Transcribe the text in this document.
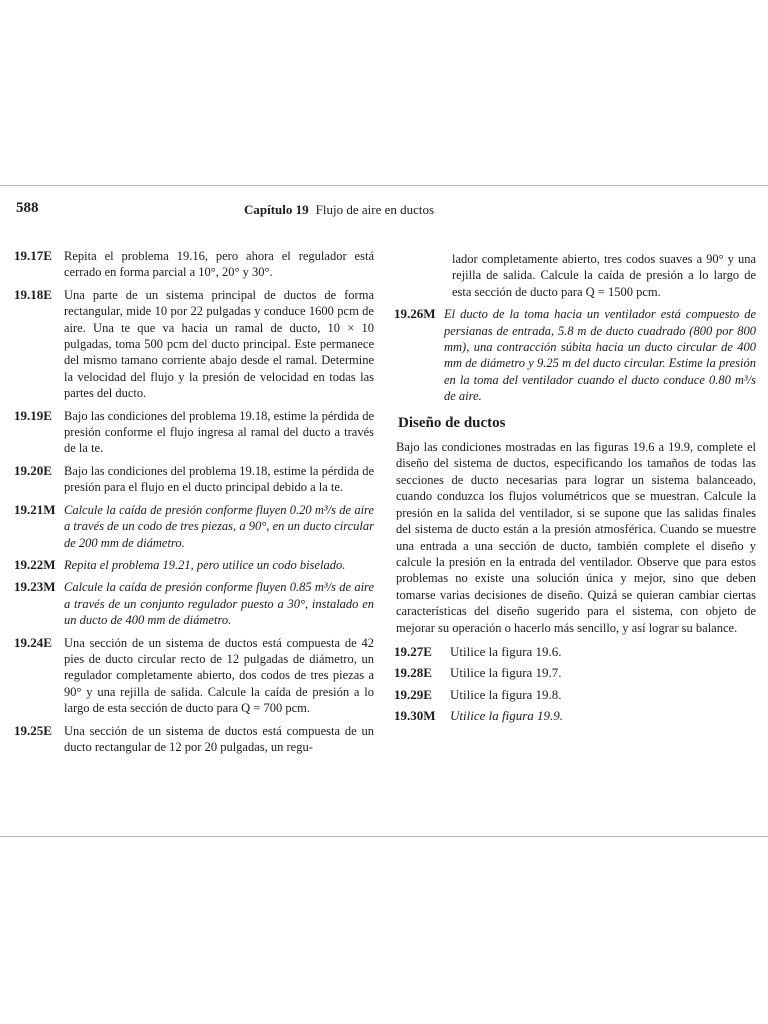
588	Capítulo 19 Flujo de aire en ductos
19.17E Repita el problema 19.16, pero ahora el regulador está cerrado en forma parcial a 10°, 20° y 30°.
19.18E Una parte de un sistema principal de ductos de forma rectangular, mide 10 por 22 pulgadas y conduce 1600 pcm de aire. Una te que va hacia un ramal de ducto, 10 × 10 pulgadas, toma 500 pcm del ducto principal. Este permanece del mismo tamano corriente abajo desde el ramal. Determine la velocidad del flujo y la presión de velocidad en todas las partes del ducto.
19.19E Bajo las condiciones del problema 19.18, estime la pérdida de presión conforme el flujo ingresa al ramal del ducto a través de la te.
19.20E Bajo las condiciones del problema 19.18, estime la pérdida de presión para el flujo en el ducto principal debido a la te.
19.21M Calcule la caída de presión conforme fluyen 0.20 m³/s de aire a través de un codo de tres piezas, a 90°, en un ducto circular de 200 mm de diámetro.
19.22M Repita el problema 19.21, pero utilice un codo biselado.
19.23M Calcule la caída de presión conforme fluyen 0.85 m³/s de aire a través de un conjunto regulador puesto a 30°, instalado en un ducto de 400 mm de diámetro.
19.24E Una sección de un sistema de ductos está compuesta de 42 pies de ducto circular recto de 12 pulgadas de diámetro, un regulador completamente abierto, dos codos de tres piezas a 90° y una rejilla de salida. Calcule la caída de presión a lo largo de esta sección de ducto para Q = 700 pcm.
19.25E Una sección de un sistema de ductos está compuesta de un ducto rectangular de 12 por 20 pulgadas, un regu-
lador completamente abierto, tres codos suaves a 90° y una rejilla de salida. Calcule la caída de presión a lo largo de esta sección de ducto para Q = 1500 pcm.
19.26M El ducto de la toma hacia un ventilador está compuesto de persianas de entrada, 5.8 m de ducto cuadrado (800 por 800 mm), una contracción súbita hacia un ducto circular de 400 mm de diámetro y 9.25 m del ducto circular. Estime la presión en la toma del ventilador cuando el ducto conduce 0.80 m³/s de aire.
Diseño de ductos
Bajo las condiciones mostradas en las figuras 19.6 a 19.9, complete el diseño del sistema de ductos, especificando los tamaños de todas las secciones de ducto necesarias para lograr un sistema balanceado, cuando conduzca los flujos volumétricos que se muestran. Calcule la presión en la salida del ventilador, si se supone que las salidas finales del sistema de ducto están a la presión atmosférica. Cuando se muestre una entrada a una sección de ducto, también complete el diseño y calcule la presión en la entrada del ventilador. Observe que para estos problemas no existe una solución única y mejor, sino que deben tomarse varias decisiones de diseño. Quizá se quieran cambiar ciertas características del diseño sugerido para el sistema, con objeto de mejorar su operación o hacerlo más sencillo, y así lograr su balance.
19.27E	Utilice la figura 19.6.
19.28E	Utilice la figura 19.7.
19.29E	Utilice la figura 19.8.
19.30M	Utilice la figura 19.9.
